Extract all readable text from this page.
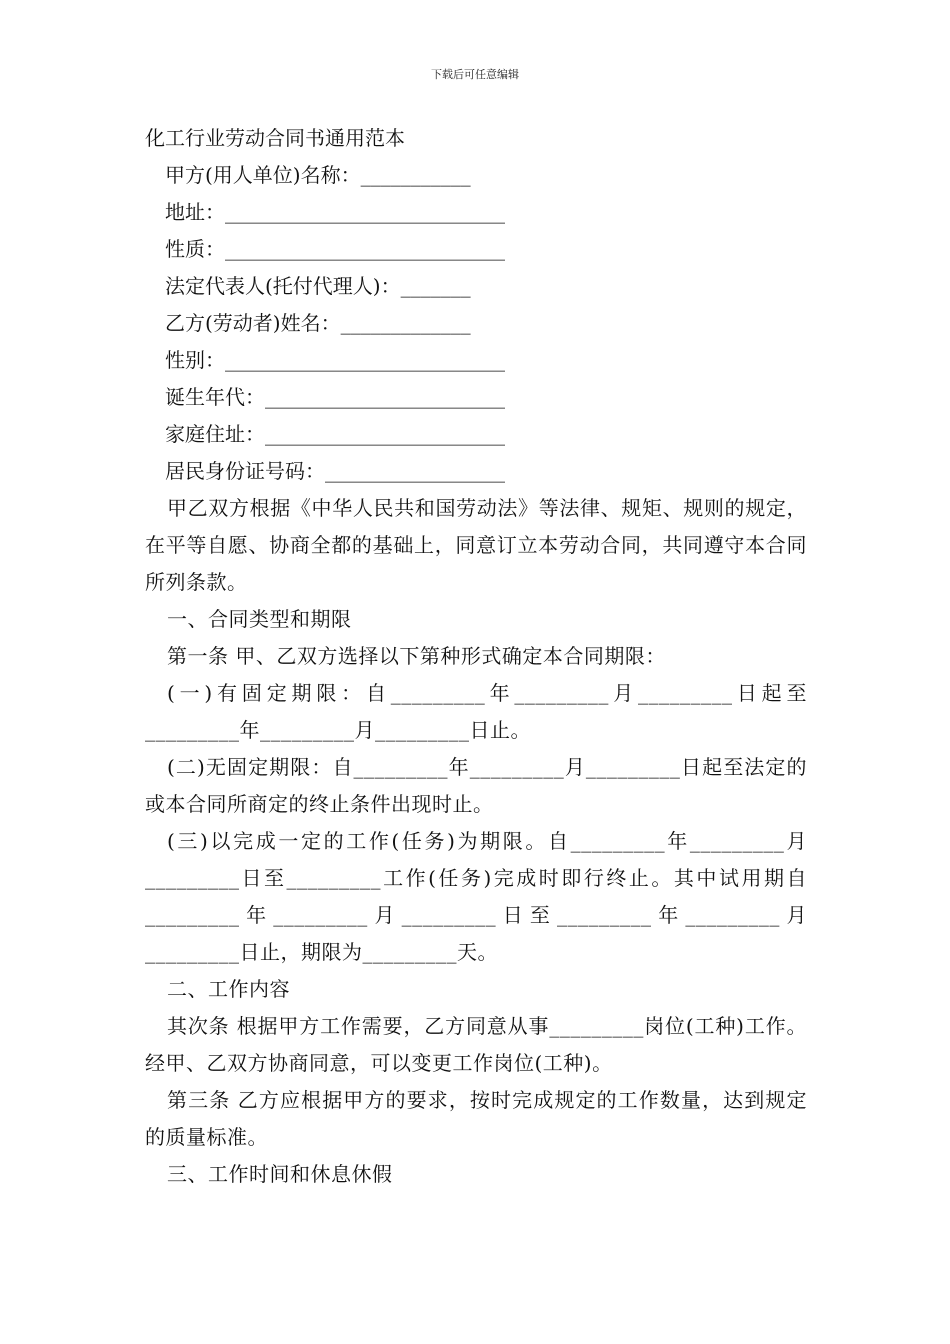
下载后可任意编辑
化工行业劳动合同书通用范本
甲方(用人单位)名称：___________
地址：____________________________
性质：____________________________
法定代表人(托付代理人)：_______
乙方(劳动者)姓名：_____________
性别：____________________________
诞生年代：________________________
家庭住址：________________________
居民身份证号码：__________________
甲乙双方根据《中华人民共和国劳动法》等法律、规矩、规则的规定，在平等自愿、协商全都的基础上，同意订立本劳动合同，共同遵守本合同所列条款。
一、合同类型和期限
第一条 甲、乙双方选择以下第种形式确定本合同期限：
(一)有固定期限：自_________年_________月_________日起至_________年_________月_________日止。
(二)无固定期限：自_________年_________月_________日起至法定的或本合同所商定的终止条件出现时止。
(三)以完成一定的工作(任务)为期限。自_________年_________月_________日至_________工作(任务)完成时即行终止。其中试用期自_________年_________月_________日至_________年_________月_________日止，期限为_________天。
二、工作内容
其次条 根据甲方工作需要，乙方同意从事_________岗位(工种)工作。经甲、乙双方协商同意，可以变更工作岗位(工种)。
第三条 乙方应根据甲方的要求，按时完成规定的工作数量，达到规定的质量标准。
三、工作时间和休息休假
